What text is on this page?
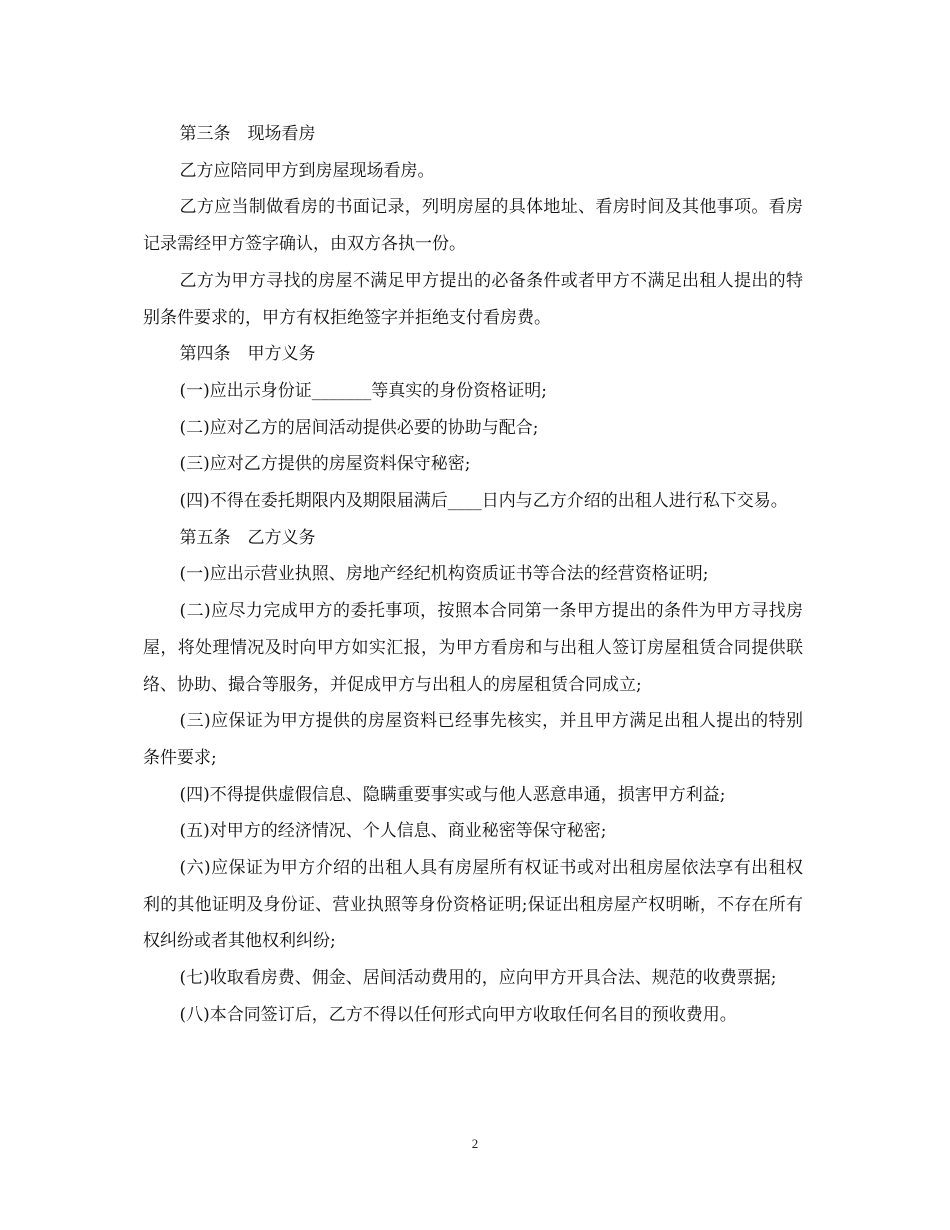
第三条　现场看房

乙方应陪同甲方到房屋现场看房。

乙方应当制做看房的书面记录，列明房屋的具体地址、看房时间及其他事项。看房记录需经甲方签字确认，由双方各执一份。

乙方为甲方寻找的房屋不满足甲方提出的必备条件或者甲方不满足出租人提出的特别条件要求的，甲方有权拒绝签字并拒绝支付看房费。

第四条　甲方义务

(一)应出示身份证_______等真实的身份资格证明;

(二)应对乙方的居间活动提供必要的协助与配合;

(三)应对乙方提供的房屋资料保守秘密;

(四)不得在委托期限内及期限届满后____日内与乙方介绍的出租人进行私下交易。

第五条　乙方义务

(一)应出示营业执照、房地产经纪机构资质证书等合法的经营资格证明;

(二)应尽力完成甲方的委托事项，按照本合同第一条甲方提出的条件为甲方寻找房屋，将处理情况及时向甲方如实汇报，为甲方看房和与出租人签订房屋租赁合同提供联络、协助、撮合等服务，并促成甲方与出租人的房屋租赁合同成立;

(三)应保证为甲方提供的房屋资料已经事先核实，并且甲方满足出租人提出的特别条件要求;

(四)不得提供虚假信息、隐瞒重要事实或与他人恶意串通，损害甲方利益;

(五)对甲方的经济情况、个人信息、商业秘密等保守秘密;

(六)应保证为甲方介绍的出租人具有房屋所有权证书或对出租房屋依法享有出租权利的其他证明及身份证、营业执照等身份资格证明;保证出租房屋产权明晰，不存在所有权纠纷或者其他权利纠纷;

(七)收取看房费、佣金、居间活动费用的，应向甲方开具合法、规范的收费票据;

(八)本合同签订后，乙方不得以任何形式向甲方收取任何名目的预收费用。

2
